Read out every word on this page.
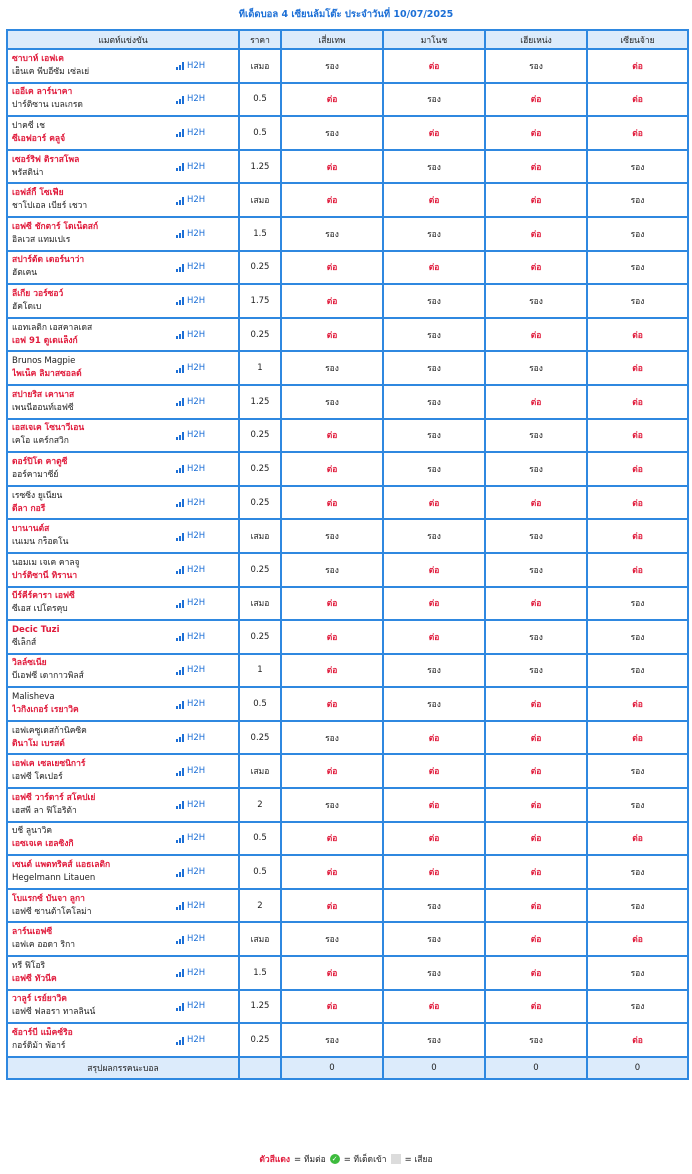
ทีเด็ดบอล 4 เซียนล้มโต๊ะ ประจำวันที่ 10/07/2025
แมตท์แข่งขัน	ราคา	เสี่ยเทพ	มาโนช	เฮียเหน่ง	เซียนจ้าย

ซาบาห์ เอฟเค
เฮ็นเค พีบอีซัม เซ่ลเย่
H2H	เสมอ	รอง	ต่อ	รอง	ต่อ

เออีเค ลาร์นาคา
ปาร์ติซาน เบลเกรด
H2H	0.5	ต่อ	รอง	ต่อ	ต่อ

ปาคซี่ เช
ซีเอฟอาร์ คลูจ์
H2H	0.5	รอง	ต่อ	ต่อ	ต่อ

เซอร์ริฟ ติราสโพล
พรัสติน่า
H2H	1.25	ต่อ	รอง	ต่อ	รอง

เอฟส์กี้ โซเฟีย
ชาโปเอล เบียร์ เชวา
H2H	เสมอ	ต่อ	ต่อ	ต่อ	รอง

เอฟซี ชักตาร์ โดเน็ตสก์
อิลเวส แทมเปเร
H2H	1.5	รอง	รอง	ต่อ	รอง

สปาร์ต้ด เดอร์นาว่า
ฮัตเคน
H2H	0.25	ต่อ	ต่อ	ต่อ	รอง

ลีเกีย วอร์ซอว์
ฮัคโดเบ
H2H	1.75	ต่อ	รอง	รอง	รอง

แอทเลติก เอสคาลเดส
เอฟ 91 ดูเดแล็งก์
H2H	0.25	ต่อ	รอง	ต่อ	ต่อ

Brunos Magpie
ไพเน็ค ลิมาสซอลด์
H2H	1	รอง	รอง	รอง	ต่อ

สปายริส เคานาส
เพนนีฮอนท์เอฟซี
H2H	1.25	รอง	รอง	ต่อ	ต่อ

เอสเจเค โซนาวีเอน
เคโอ แคร์กสวิก
H2H	0.25	ต่อ	รอง	รอง	ต่อ

ดอร์ปิโด คาตูซี
ออร์คามาซีย์
H2H	0.25	ต่อ	รอง	รอง	ต่อ

เรซซิ่ง ยูเนียน
ดีลา กอรี
H2H	0.25	ต่อ	ต่อ	ต่อ	ต่อ

บานานต์ส
เนเมน กร็อดโน
H2H	เสมอ	รอง	รอง	รอง	ต่อ

นอมเม เจเค คาลจู
ปาร์ติซานี่ ทิรานา
H2H	0.25	รอง	ต่อ	รอง	ต่อ

บีร์คีร์คารา เอฟซี
ซีเอส เปโตรคุบ
H2H	เสมอ	ต่อ	ต่อ	ต่อ	รอง

Decic Tuzi
ซีเล็กส์
H2H	0.25	ต่อ	ต่อ	รอง	รอง

วิลล์ซเนีย
บีเอฟซี เดากาวพิลส์
H2H	1	ต่อ	รอง	รอง	รอง

Malisheva
ไวกิงเกอร์ เรยาวิค
H2H	0.5	ต่อ	รอง	ต่อ	ต่อ

เอฟเคซูเดสก้านิคซิค
ดินาโม เบรสต์
H2H	0.25	รอง	ต่อ	ต่อ	ต่อ

เอฟเค เซลเยซนิการ์
เอฟซี โคเปอร์
H2H	เสมอ	ต่อ	ต่อ	ต่อ	รอง

เอฟซี วาร์ดาร์ สโคปเย่
เฮสพี ลา ฟิโอริต้า
H2H	2	รอง	ต่อ	ต่อ	รอง

บชี ลูนาวิค
เอซเจเค เฮลซิงกิ
H2H	0.5	ต่อ	ต่อ	ต่อ	ต่อ

เซนต์ แพตทริคส์ แอธเลติก
Hegelmann Litauen
H2H	0.5	ต่อ	ต่อ	ต่อ	รอง

โบแรกซ์ บันจา ลูกา
เอฟซี ซานต้าโคโลม่า
H2H	2	ต่อ	รอง	ต่อ	รอง

ลาร์นเอฟซี
เอฟเค ออดา ริกา
H2H	เสมอ	รอง	รอง	ต่อ	ต่อ

ทรี ฟิโอริ
เอฟซี ทัวนีค
H2H	1.5	ต่อ	รอง	ต่อ	รอง

วาลูร์ เรย์ยาวิค
เอฟซี ฟลอรา ทาลลินน์
H2H	1.25	ต่อ	ต่อ	ต่อ	รอง

ซ้อาร์บี แม็คซ์ริอ
กอร์ดิม้า พ้อาร์
H2H	0.25	รอง	รอง	รอง	ต่อ
สรุปผลกรรคนะบอล		0	0	0	0
ตัวสีแดง = ทีมต่อ ✓ = ทีเด็ดเข้า = เสียอ
